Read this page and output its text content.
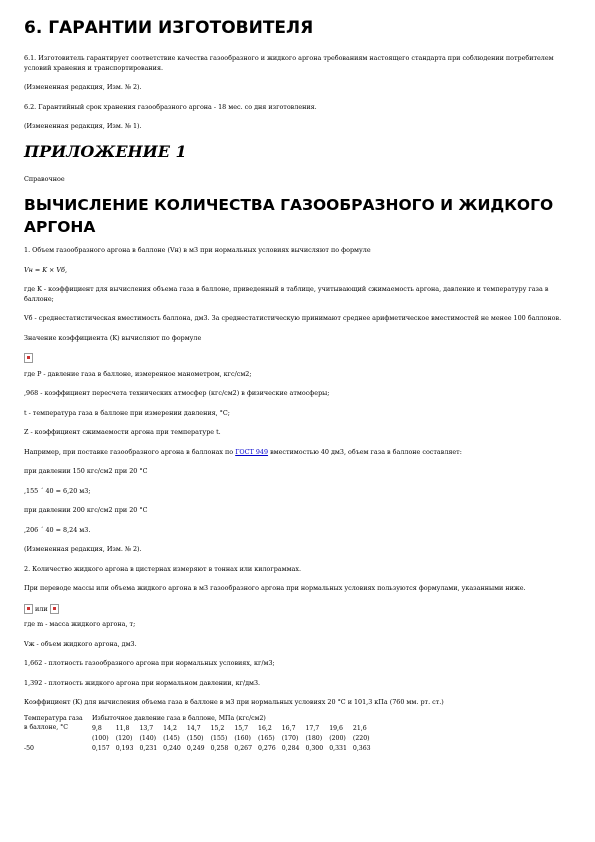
6. ГАРАНТИИ ИЗГОТОВИТЕЛЯ

6.1. Изготовитель гарантирует соответствие качества газообразного и жидкого аргона требованиям настоящего стандарта при соблюдении потребителем условий хранения и транспортирования.

(Измененная редакция, Изм. № 2).

6.2. Гарантийный срок хранения газообразного аргона - 18 мес. со дня изготовления.

(Измененная редакция, Изм. № 1).

ПРИЛОЖЕНИЕ 1

Справочное

ВЫЧИСЛЕНИЕ КОЛИЧЕСТВА ГАЗООБРАЗНОГО И ЖИДКОГО АРГОНА

1. Объем газообразного аргона в баллоне (Vн) в м3 при нормальных условиях вычисляют по формуле

Vн = K × Vб,

где K - коэффициент для вычисления объема газа в баллоне, приведенный в таблице, учитывающий сжимаемость аргона, давление и температуру газа в баллоне;

Vб - среднестатистическая вместимость баллона, дм3. За среднестатистическую принимают среднее арифметическое вместимостей не менее 100 баллонов.

Значение коэффициента (K) вычисляют по формуле

где P - давление газа в баллоне, измеренное манометром, кгс/см2;

,968 - коэффициент пересчета технических атмосфер (кгс/см2) в физические атмосферы;

t - температура газа в баллоне при измерении давления, °С;

Z - коэффициент сжимаемости аргона при температуре t.

Например, при поставке газообразного аргона в баллонах по ГОСТ 949 вместимостью 40 дм3, объем газа в баллоне составляет:

при давлении 150 кгс/см2 при 20 °С

,155 ´ 40 = 6,20 м3;

при давлении 200 кгс/см2 при 20 °С

,206 ´ 40 = 8,24 м3.

(Измененная редакция, Изм. № 2).

2. Количество жидкого аргона в цистернах измеряют в тоннах или килограммах.

При переводе массы или объема жидкого аргона в м3 газообразного аргона при нормальных условиях пользуются формулами, указанными ниже.

или

где m - масса жидкого аргона, т;

Vж - объем жидкого аргона, дм3.

1,662 - плотность газообразного аргона при нормальных условиях, кг/м3;

1,392 - плотность жидкого аргона при нормальном давлении, кг/дм3.

Коэффициент (K) для вычисления объема газа в баллоне в м3 при нормальных условиях 20 °С и 101,3 кПа (760 мм. рт. ст.)

Температура газа в баллоне, °С	Избыточное давление газа в баллоне, МПа (кгс/см2)											
	9,8	11,8	13,7	14,2	14,7	15,2	15,7	16,2	16,7	17,7	19,6	21,6
	(100)	(120)	(140)	(145)	(150)	(155)	(160)	(165)	(170)	(180)	(200)	(220)
-50	0,157	0,193	0,231	0,240	0,249	0,258	0,267	0,276	0,284	0,300	0,331	0,363
